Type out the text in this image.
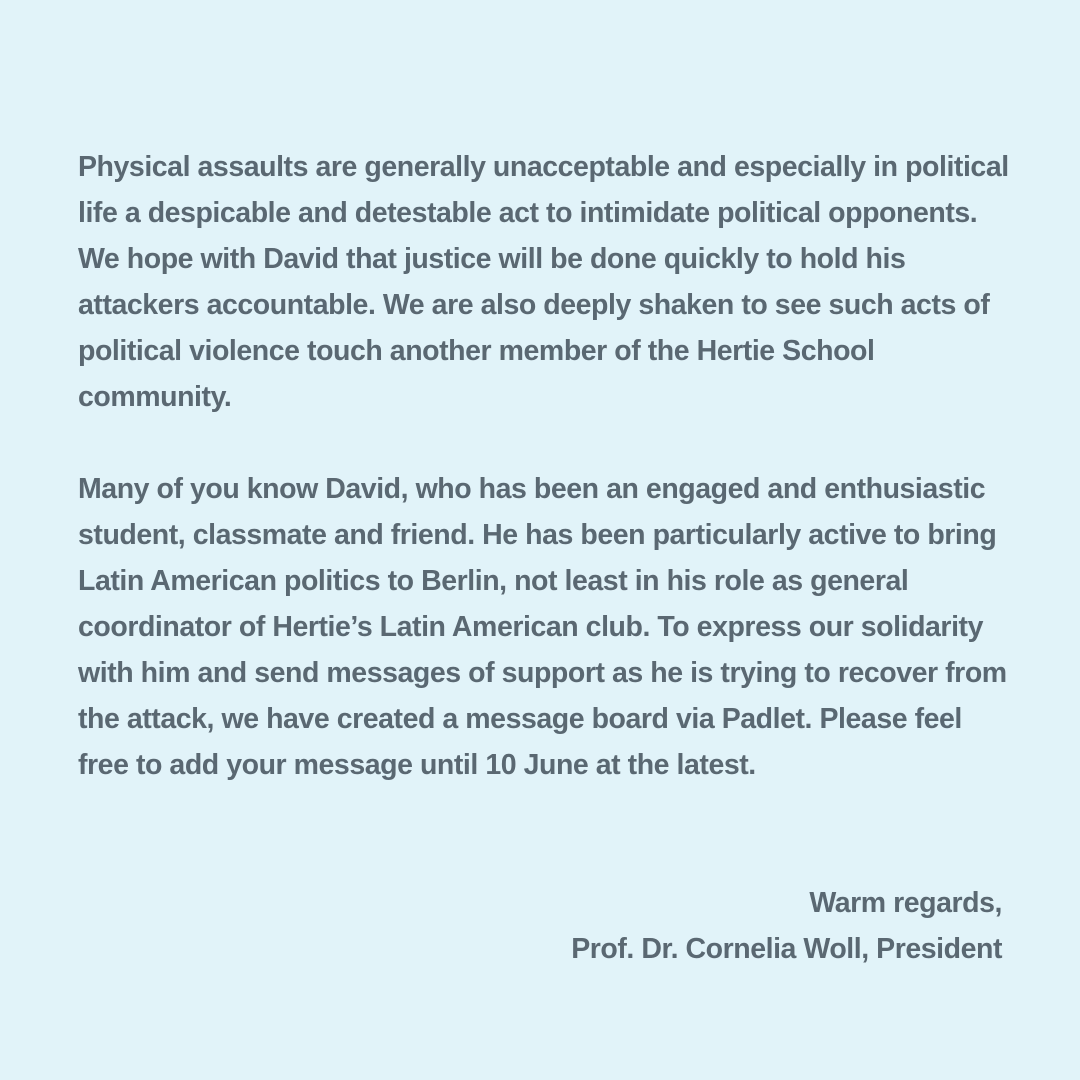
Physical assaults are generally unacceptable and especially in political life a despicable and detestable act to intimidate political opponents. We hope with David that justice will be done quickly to hold his attackers accountable. We are also deeply shaken to see such acts of political violence touch another member of the Hertie School community.

Many of you know David, who has been an engaged and enthusiastic student, classmate and friend. He has been particularly active to bring Latin American politics to Berlin, not least in his role as general coordinator of Hertie’s Latin American club. To express our solidarity with him and send messages of support as he is trying to recover from the attack, we have created a message board via Padlet. Please feel free to add your message until 10 June at the latest.

Warm regards,
Prof. Dr. Cornelia Woll, President
